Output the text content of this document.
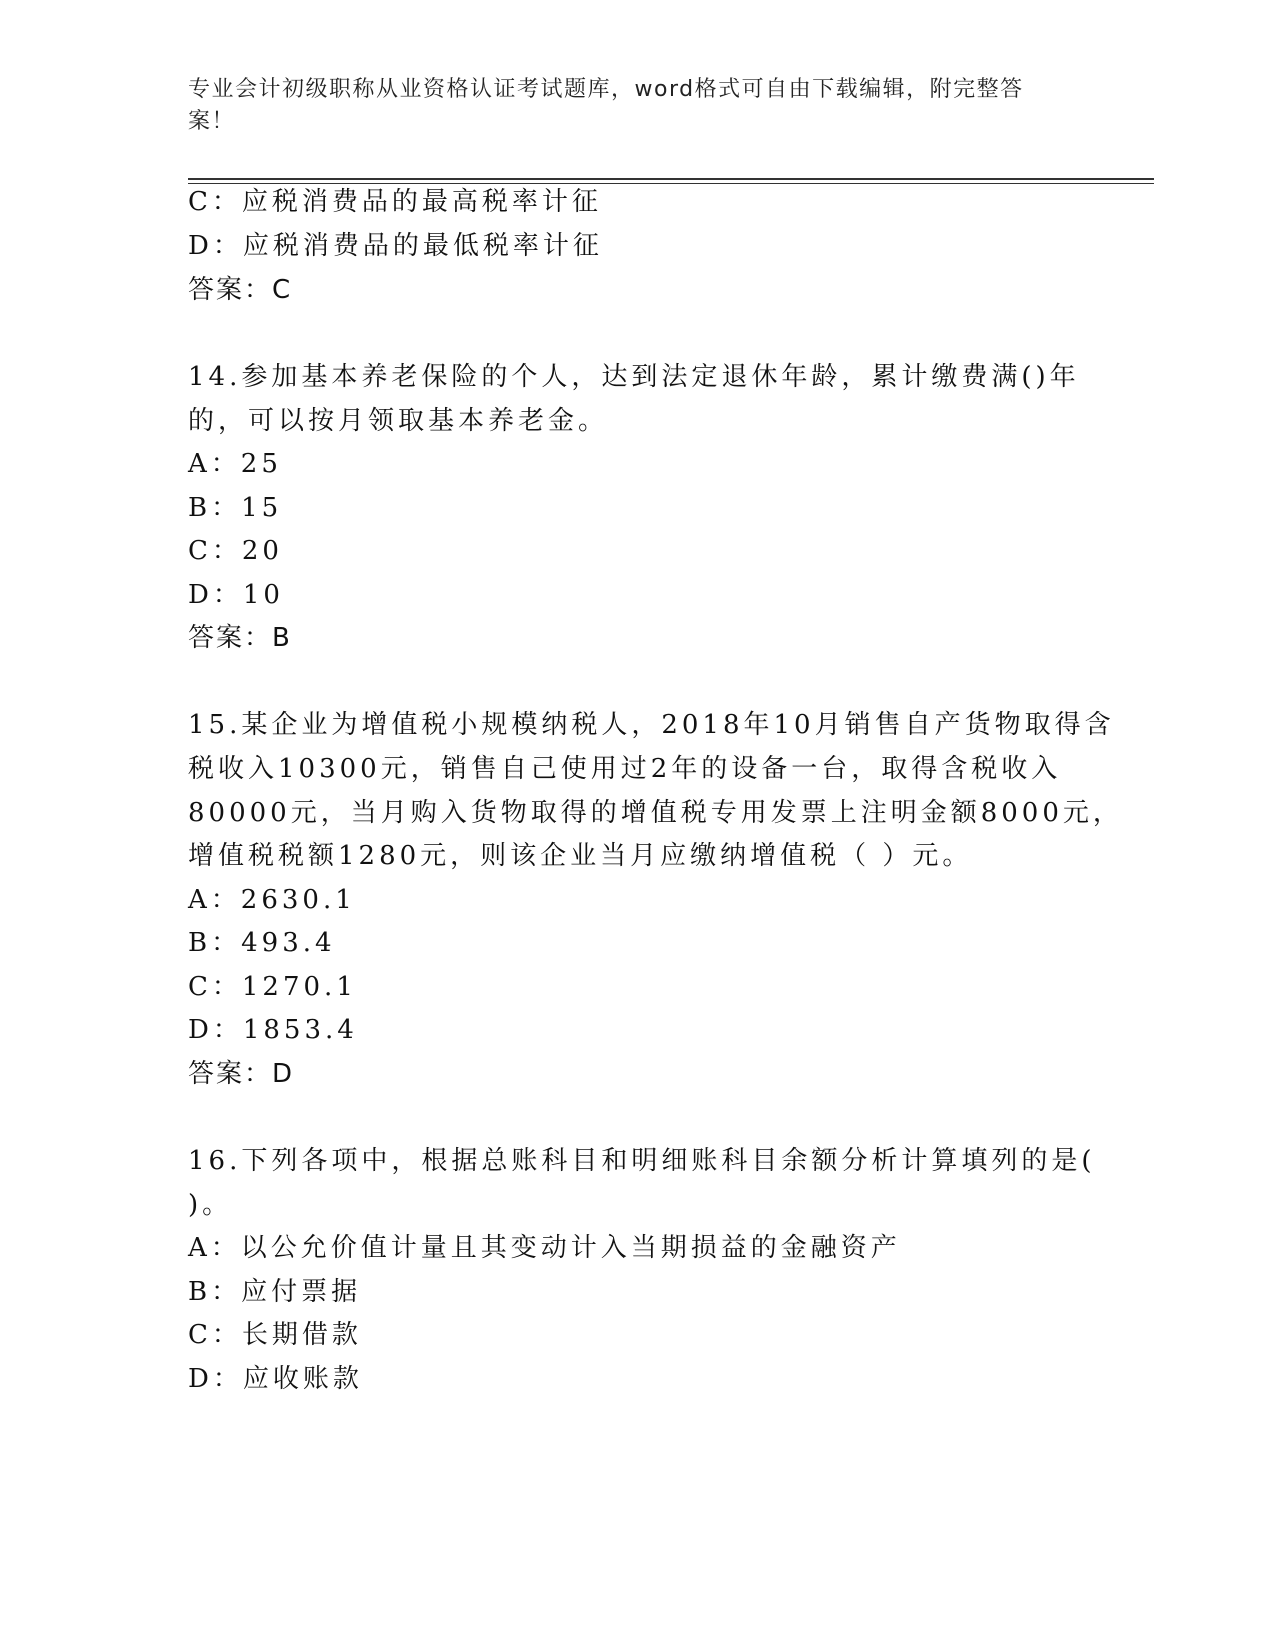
专业会计初级职称从业资格认证考试题库，word格式可自由下载编辑，附完整答
案！
C：应税消费品的最高税率计征
D：应税消费品的最低税率计征
答案：C
14.参加基本养老保险的个人，达到法定退休年龄，累计缴费满()年
的，可以按月领取基本养老金。
A：25
B：15
C：20
D：10
答案：B
15.某企业为增值税小规模纳税人，2018年10月销售自产货物取得含
税收入10300元，销售自己使用过2年的设备一台，取得含税收入
80000元，当月购入货物取得的增值税专用发票上注明金额8000元，
增值税税额1280元，则该企业当月应缴纳增值税（ ）元。
A：2630.1
B：493.4
C：1270.1
D：1853.4
答案：D
16.下列各项中，根据总账科目和明细账科目余额分析计算填列的是(
)。
A：以公允价值计量且其变动计入当期损益的金融资产
B：应付票据
C：长期借款
D：应收账款
